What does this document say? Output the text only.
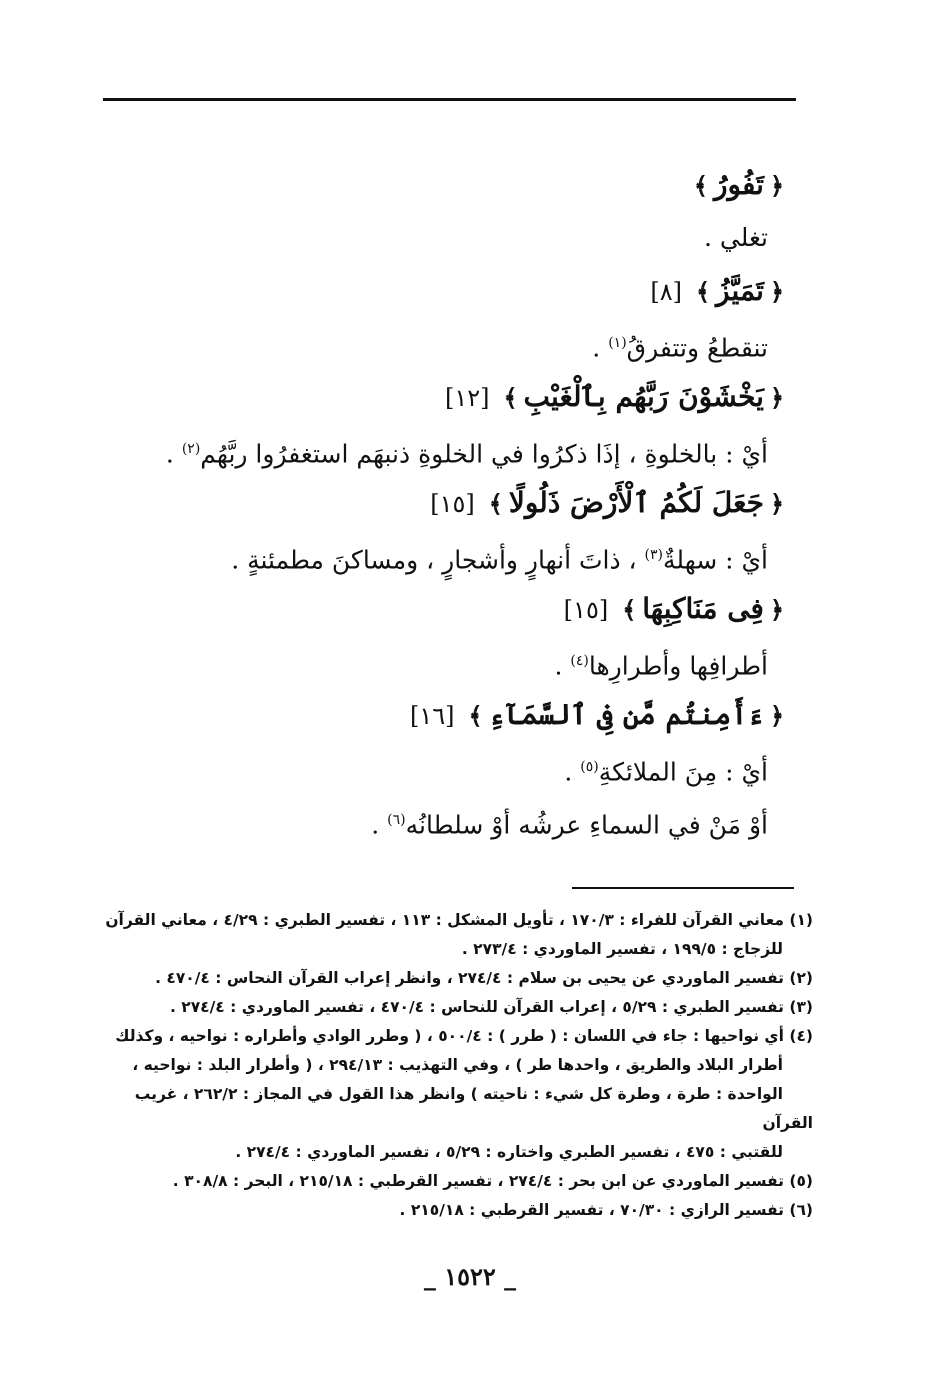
﴿تَفُورُ﴾
تغلي .
﴿تَمَيَّزُ﴾[٨]
تنقطعُ وتتفرقُ$^{(١)}$ .
﴿يَخْشَوْنَ رَبَّهُم بِٱلْغَيْبِ﴾[١٢]
أيْ : بالخلوةِ ، إذَا ذكرُوا في الخلوةِ ذنبهَم استغفرُوا ربَّهُم$^{(٢)}$ .
﴿جَعَلَ لَكُمُ ٱلْأَرْضَ ذَلُولًا﴾[١٥]
أيْ : سهلةٌ$^{(٣)}$ ، ذاتَ أنهارٍ وأشجارٍ ، ومساكنَ مطمئنةٍ .
﴿فِى مَنَاكِبِهَا﴾[١٥]
أطرافِها وأطرارِها$^{(٤)}$ .
﴿ءَأَمِنتُم مَّن فِى ٱلسَّمَآءِ﴾[١٦]
أيْ : مِنَ الملائكةِ$^{(٥)}$ .
أوْ مَنْ في السماءِ عرشُه أوْ سلطانُه$^{(٦)}$ .

(١) معاني القرآن للفراء : ١٧٠/٣ ، تأويل المشكل : ١١٣ ، تفسير الطبري : ٤/٢٩ ، معاني القرآن
للزجاج : ١٩٩/٥ ، تفسير الماوردي : ٢٧٣/٤ .

(٢) تفسير الماوردي عن يحيى بن سلام : ٢٧٤/٤ ، وانظر إعراب القرآن النحاس : ٤٧٠/٤ .

(٣) تفسير الطبري : ٥/٢٩ ، إعراب القرآن للنحاس : ٤٧٠/٤ ، تفسير الماوردي : ٢٧٤/٤ .

(٤) أي نواحيها : جاء في اللسان : ( طرر ) : ٥٠٠/٤ ، ( وطرر الوادي وأطراره : نواحيه ، وكذلك
أطرار البلاد والطريق ، واحدها طر ) ، وفي التهذيب : ٢٩٤/١٣ ، ( وأطرار البلد : نواحيه ،
الواحدة : طرة ، وطرة كل شيء : ناحيته ) وانظر هذا القول في المجاز : ٢٦٢/٢ ، غريب القرآن
للقتبي : ٤٧٥ ، تفسير الطبري واختاره : ٥/٢٩ ، تفسير الماوردي : ٢٧٤/٤ .

(٥) تفسير الماوردي عن ابن بحر : ٢٧٤/٤ ، تفسير القرطبي : ٢١٥/١٨ ، البحر : ٣٠٨/٨ .

(٦) تفسير الرازي : ٧٠/٣٠ ، تفسير القرطبي : ٢١٥/١٨ .

_ ١٥٢٢ _
